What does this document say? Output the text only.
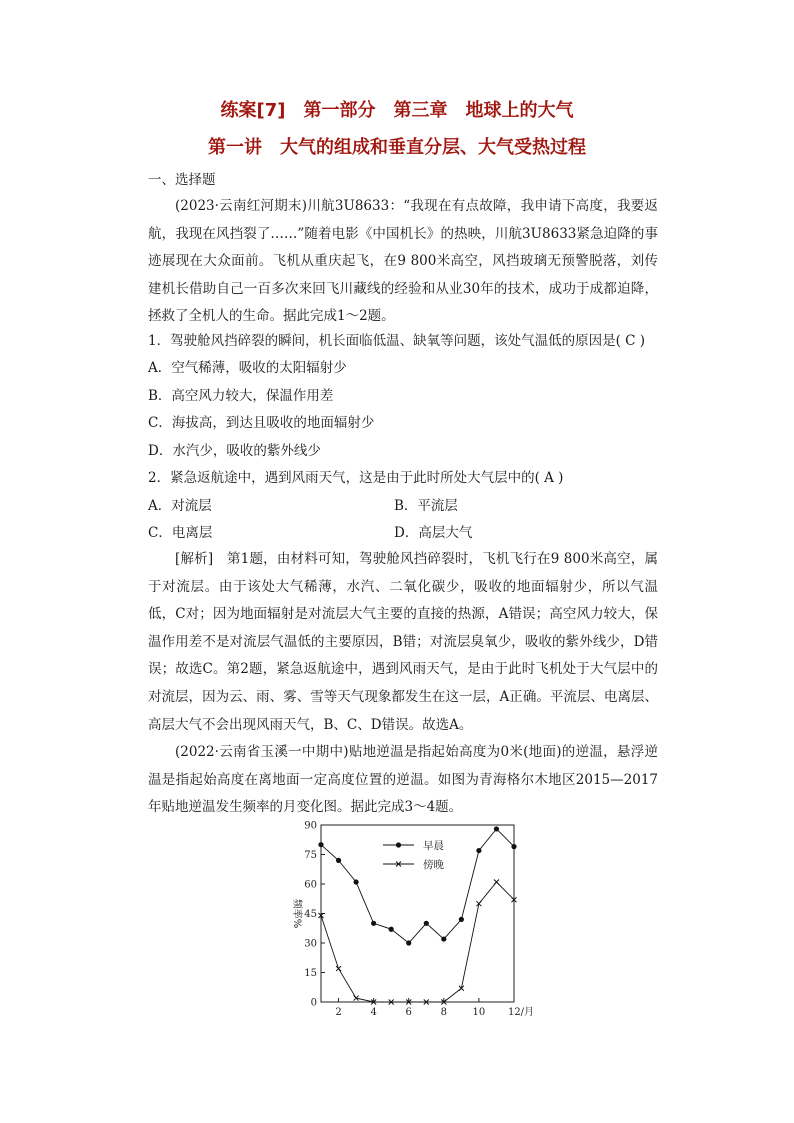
练案[7]　第一部分　第三章　地球上的大气
第一讲　大气的组成和垂直分层、大气受热过程
一、选择题
(2023·云南红河期末)川航3U8633：“我现在有点故障，我申请下高度，我要返航，我现在风挡裂了……”随着电影《中国机长》的热映，川航3U8633紧急迫降的事迹展现在大众面前。飞机从重庆起飞，在9 800米高空，风挡玻璃无预警脱落，刘传建机长借助自己一百多次来回飞川藏线的经验和从业30年的技术，成功于成都迫降，拯救了全机人的生命。据此完成1～2题。
1．驾驶舱风挡碎裂的瞬间，机长面临低温、缺氧等问题，该处气温低的原因是( C )
A．空气稀薄，吸收的太阳辐射少
B．高空风力较大，保温作用差
C．海拔高，到达且吸收的地面辐射少
D．水汽少，吸收的紫外线少
2．紧急返航途中，遇到风雨天气，这是由于此时所处大气层中的( A )
A．对流层	B．平流层
C．电离层	D．高层大气
[解析]　第1题，由材料可知，驾驶舱风挡碎裂时，飞机飞行在9 800米高空，属于对流层。由于该处大气稀薄，水汽、二氧化碳少，吸收的地面辐射少，所以气温低，C对；因为地面辐射是对流层大气主要的直接的热源，A错误；高空风力较大，保温作用差不是对流层气温低的主要原因，B错；对流层臭氧少，吸收的紫外线少，D错误；故选C。第2题，紧急返航途中，遇到风雨天气，是由于此时飞机处于大气层中的对流层，因为云、雨、雾、雪等天气现象都发生在这一层，A正确。平流层、电离层、高层大气不会出现风雨天气，B、C、D错误。故选A。
(2022·云南省玉溪一中期中)贴地逆温是指起始高度为0米(地面)的逆温，悬浮逆温是指起始高度在离地面一定高度位置的逆温。如图为青海格尔木地区2015—2017年贴地逆温发生频率的月变化图。据此完成3～4题。
0
15
30
45
60
75
90
2	4	6	8	10 12/月
频率%
早晨
傍晚
